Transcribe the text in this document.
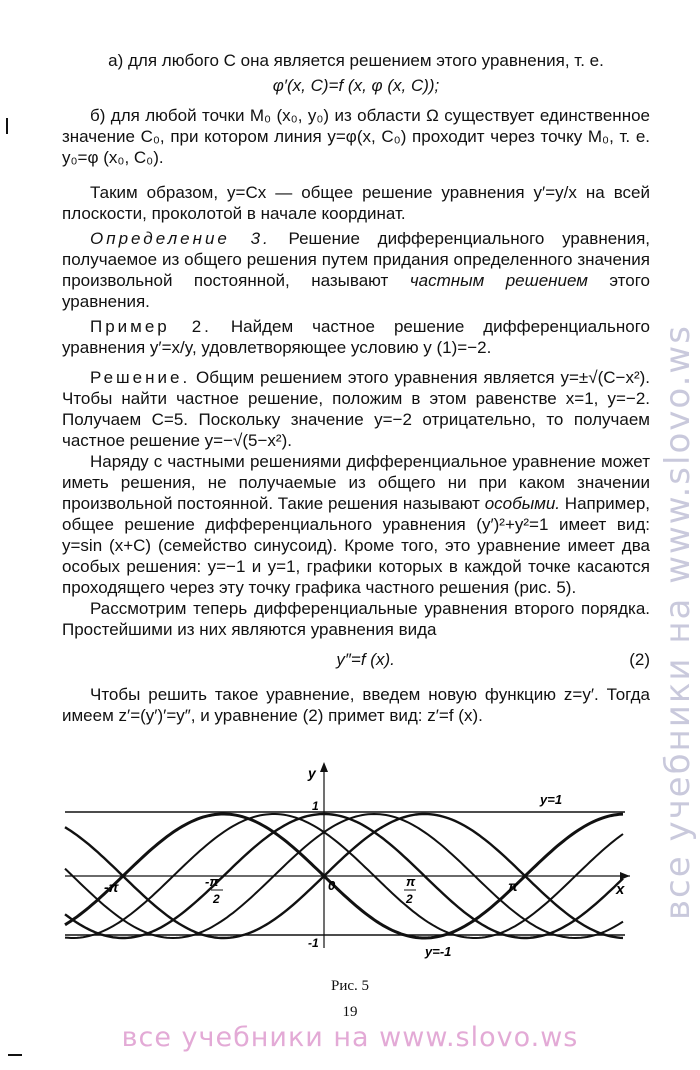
а) для любого C она является решением этого уравнения, т. е.

φ′(x, C)=f (x, φ (x, C));

б) для любой точки M₀ (x₀, y₀) из области Ω существует единственное значение C₀, при котором линия y=φ(x, C₀) проходит через точку M₀, т. е. y₀=φ (x₀, C₀).

Таким образом, y=Cx — общее решение уравнения y′=y/x на всей плоскости, проколотой в начале координат.

Определение 3. Решение дифференциального уравнения, получаемое из общего решения путем придания определенного значения произвольной постоянной, называют частным решением этого уравнения.

Пример 2. Найдем частное решение дифференциального уравнения y′=x/y, удовлетворяющее условию y (1)=−2.

Решение. Общим решением этого уравнения является y=±√(C−x²). Чтобы найти частное решение, положим в этом равенстве x=1, y=−2. Получаем C=5. Поскольку значение y=−2 отрицательно, то получаем частное решение y=−√(5−x²).

Наряду с частными решениями дифференциальное уравнение может иметь решения, не получаемые из общего ни при каком значении произвольной постоянной. Такие решения называют особыми. Например, общее решение дифференциального уравнения (y′)²+y²=1 имеет вид: y=sin (x+C) (семейство синусоид). Кроме того, это уравнение имеет два особых решения: y=−1 и y=1, графики которых в каждой точке касаются проходящего через эту точку графика частного решения (рис. 5).

Рассмотрим теперь дифференциальные уравнения второго порядка. Простейшими из них являются уравнения вида

y″=f (x).	(2)

Чтобы решить такое уравнение, введем новую функцию z=y′. Тогда имеем z′=(y′)′=y″, и уравнение (2) примет вид: z′=f (x).

y
x
y=1
y=-1
1
-1
0
-π	π
-π
2
π
2
Рис. 5
19
все учебники на www.slovo.ws
все учебники на www.slovo.ws
